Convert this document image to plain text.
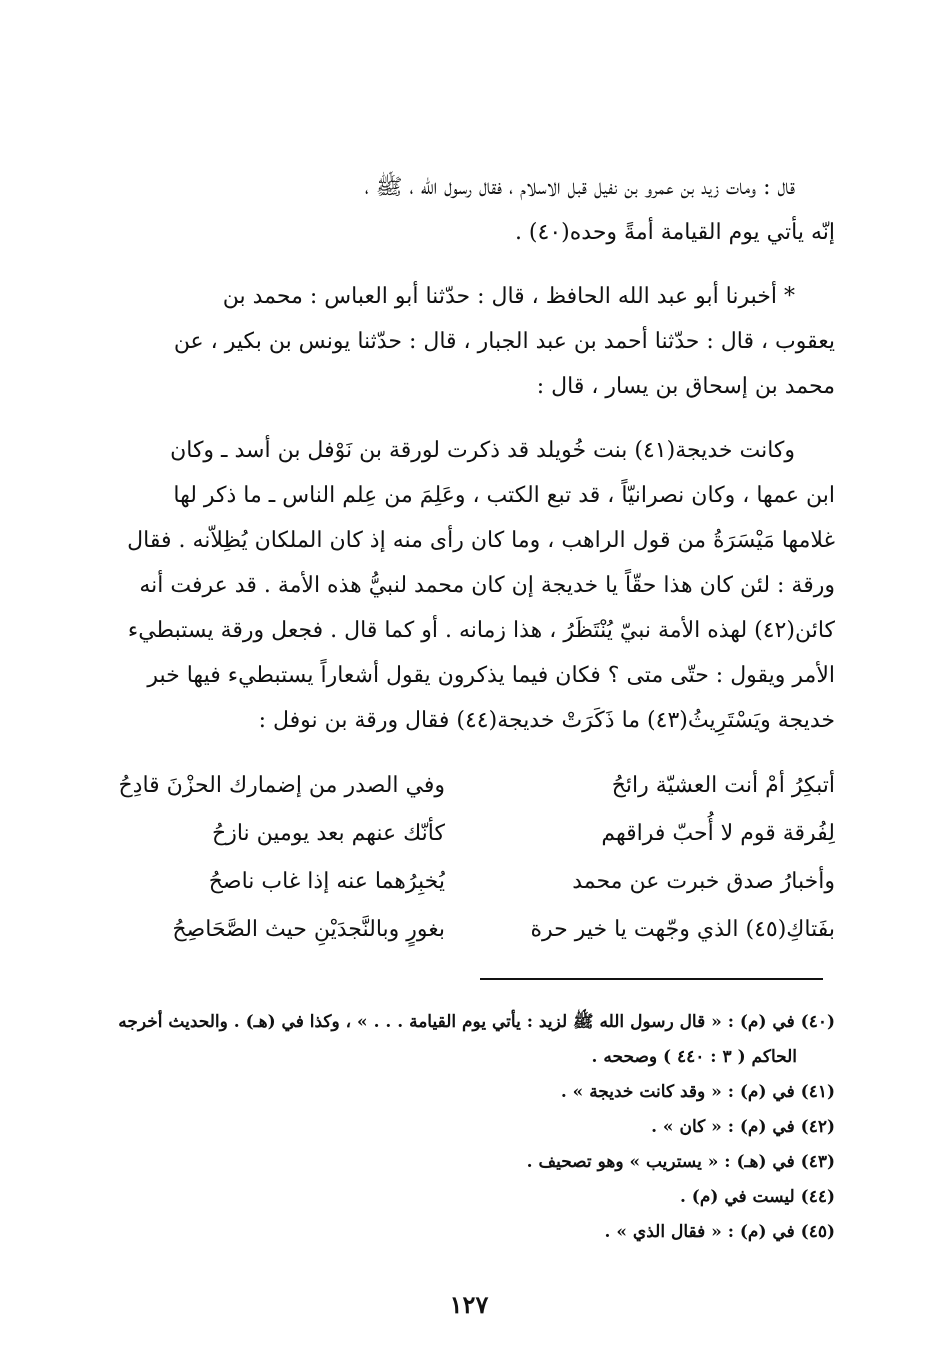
قال : ومات زيد بن عمرو بن نفيل قبل الاسلام ، فقال رسول الله ، ﷺ ،
إنّه يأتي يوم القيامة أمةً وحده(٤٠) .
* أخبرنا أبو عبد الله الحافظ ، قال : حدّثنا أبو العباس : محمد بن
يعقوب ، قال : حدّثنا أحمد بن عبد الجبار ، قال : حدّثنا يونس بن بكير ، عن
محمد بن إسحاق بن يسار ، قال :
وكانت خديجة(٤١) بنت خُويلد قد ذكرت لورقة بن نَوْفل بن أسد ـ وكان
ابن عمها ، وكان نصرانيّاً ، قد تبع الكتب ، وعَلِمَ من عِلم الناس ـ ما ذكر لها
غلامها مَيْسَرَةُ من قول الراهب ، وما كان رأى منه إذ كان الملكان يُظِلاّنه . فقال
ورقة : لئن كان هذا حقّاً يا خديجة إن كان محمد لنبيُّ هذه الأمة . قد عرفت أنه
كائن(٤٢) لهذه الأمة نبيّ يُنْتَظَرُ ، هذا زمانه . أو كما قال . فجعل ورقة يستبطيء
الأمر ويقول : حتّى متى ؟ فكان فيما يذكرون يقول أشعاراً يستبطيء فيها خبر
خديجة ويَسْتَرِيثُ(٤٣) ما ذَكَرَتْ خديجة(٤٤) فقال ورقة بن نوفل :
أتبكِرُ أمْ أنت العشيّة رائحُ
وفي الصدر من إضمارك الحزْنَ قادِحُ
لِفُرقة قوم لا أُحبّ فراقهم
كأنّك عنهم بعد يومين نازحُ
وأخبارُ صدق خبرت عن محمد
يُخبِرُهما عنه إذا غاب ناصحُ
بفَتاكِ(٤٥) الذي وجّهت يا خير حرة
بغورٍ وبالنَّجدَيْنِ حيث الصَّحَاصِحُ
(٤٠) في (م) : « قال رسول الله ﷺ لزيد : يأتي يوم القيامة . . . » ، وكذا في (هـ) . والحديث أخرجه
الحاكم ( ٣ : ٤٤٠ ) وصححه .
(٤١) في (م) : « وقد كانت خديجة » .
(٤٢) في (م) : « كان » .
(٤٣) في (هـ) : « يستريب » وهو تصحيف .
(٤٤) ليست في (م) .
(٤٥) في (م) : « فقال الذي » .
١٢٧
